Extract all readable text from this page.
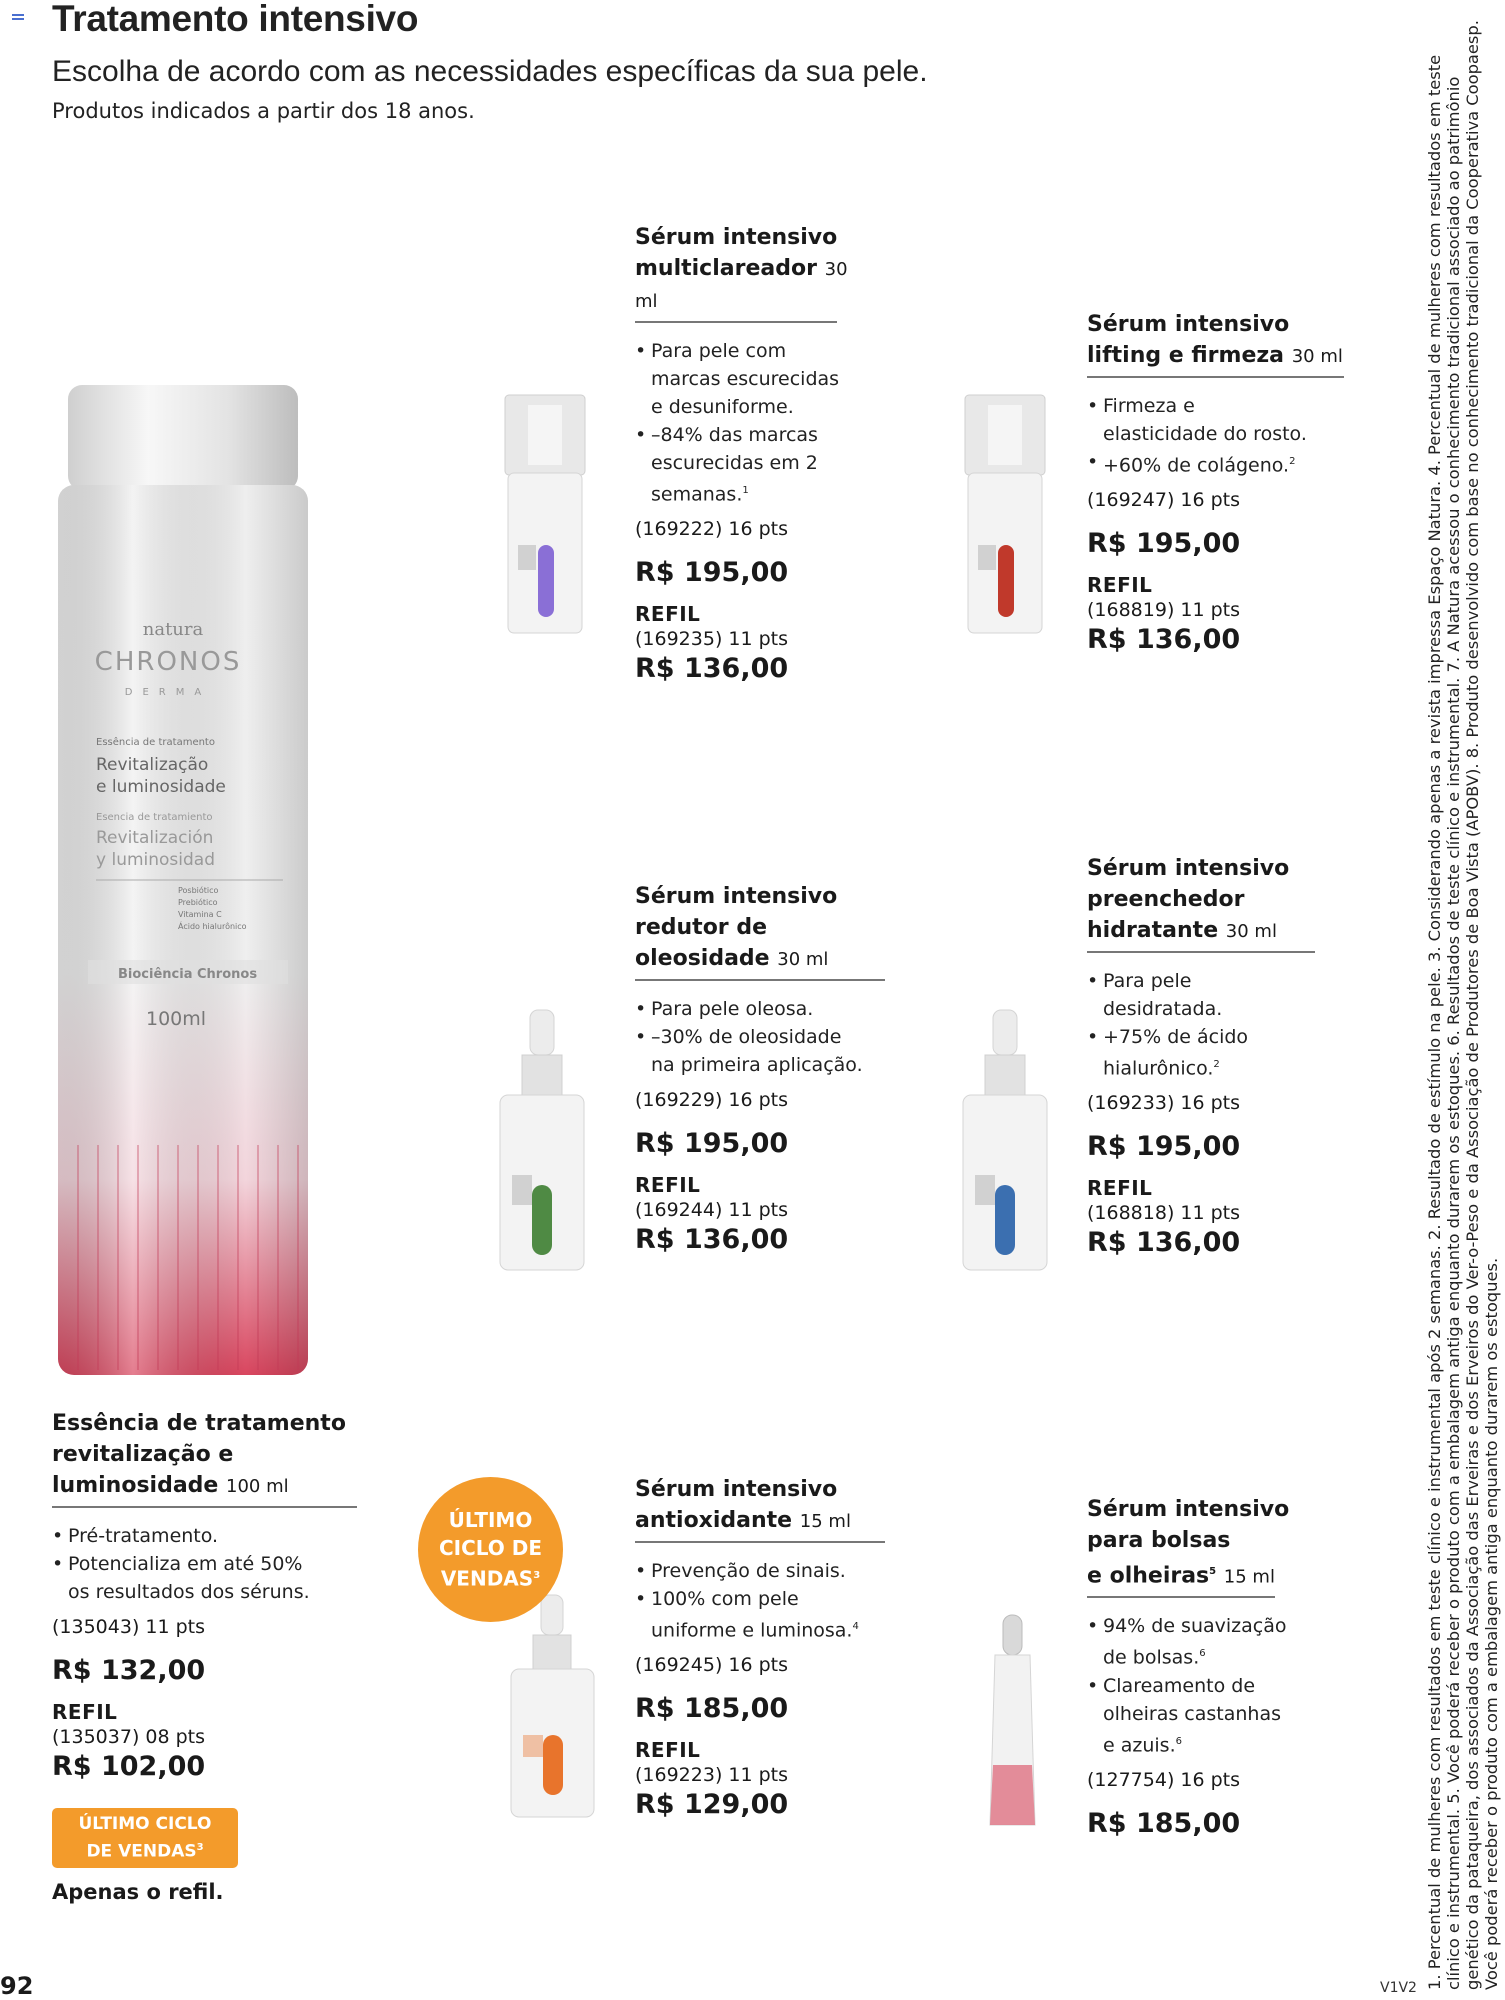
Tratamento intensivo
Escolha de acordo com as necessidades específicas da sua pele.
Produtos indicados a partir dos 18 anos.
natura
CHRONOS
DERMA
Essência de tratamento
Revitalização
e luminosidade
Esencia de tratamiento
Revitalización
y luminosidad
Posbiótico
Prebiótico
Vitamina C
Ácido hialurônico
Biociência Chronos
100ml
Essência de tratamento
revitalização e
luminosidade 100 ml
• Pré-tratamento.
• Potencializa em até 50%
os resultados dos séruns.
(135043) 11 pts
R$ 132,00
REFIL
(135037) 08 pts
R$ 102,00
ÚLTIMO CICLO
DE VENDAS$^3$
Apenas o refil.
Sérum intensivo
multiclareador 30 ml
• Para pele com
marcas escurecidas
e desuniforme.
• –84% das marcas
escurecidas em 2
semanas.$^1$
(169222) 16 pts
R$ 195,00
REFIL
(169235) 11 pts
R$ 136,00
Sérum intensivo
lifting e firmeza 30 ml
• Firmeza e
elasticidade do rosto.
• +60% de colágeno.$^2$
(169247) 16 pts
R$ 195,00
REFIL
(168819) 11 pts
R$ 136,00
Sérum intensivo
redutor de
oleosidade 30 ml
• Para pele oleosa.
• –30% de oleosidade
na primeira aplicação.
(169229) 16 pts
R$ 195,00
REFIL
(169244) 11 pts
R$ 136,00
Sérum intensivo
preenchedor
hidratante 30 ml
• Para pele
desidratada.
• +75% de ácido
hialurônico.$^2$
(169233) 16 pts
R$ 195,00
REFIL
(168818) 11 pts
R$ 136,00
ÚLTIMO
CICLO DE
VENDAS$^3$
Sérum intensivo
antioxidante 15 ml
• Prevenção de sinais.
• 100% com pele
uniforme e luminosa.$^4$
(169245) 16 pts
R$ 185,00
REFIL
(169223) 11 pts
R$ 129,00
Sérum intensivo
para bolsas
e olheiras$^5$ 15 ml
• 94% de suavização
de bolsas.$^6$
• Clareamento de
olheiras castanhas
e azuis.$^6$
(127754) 16 pts
R$ 185,00	1. Percentual de mulheres com resultados em teste clínico e instrumental após 2 semanas. 2. Resultado de estímulo na pele. 3. Considerando apenas a revista impressa Espaço Natura. 4. Percentual de mulheres com resultados em teste clínico e instrumental. 5. Você poderá receber o produto com a embalagem antiga enquanto durarem os estoques. 6. Resultados de teste clínico e instrumental. 7. A Natura acessou o conhecimento tradicional associado ao patrimônio genético da pataqueira, dos associados da Associação das Erveiras e dos Erveiros do Ver-o-Peso e da Associação de Produtores de Boa Vista (APOBV). 8. Produto desenvolvido com base no conhecimento tradicional da Cooperativa Coopaesp. Você poderá receber o produto com a embalagem antiga enquanto durarem os estoques.
92	V1V2
